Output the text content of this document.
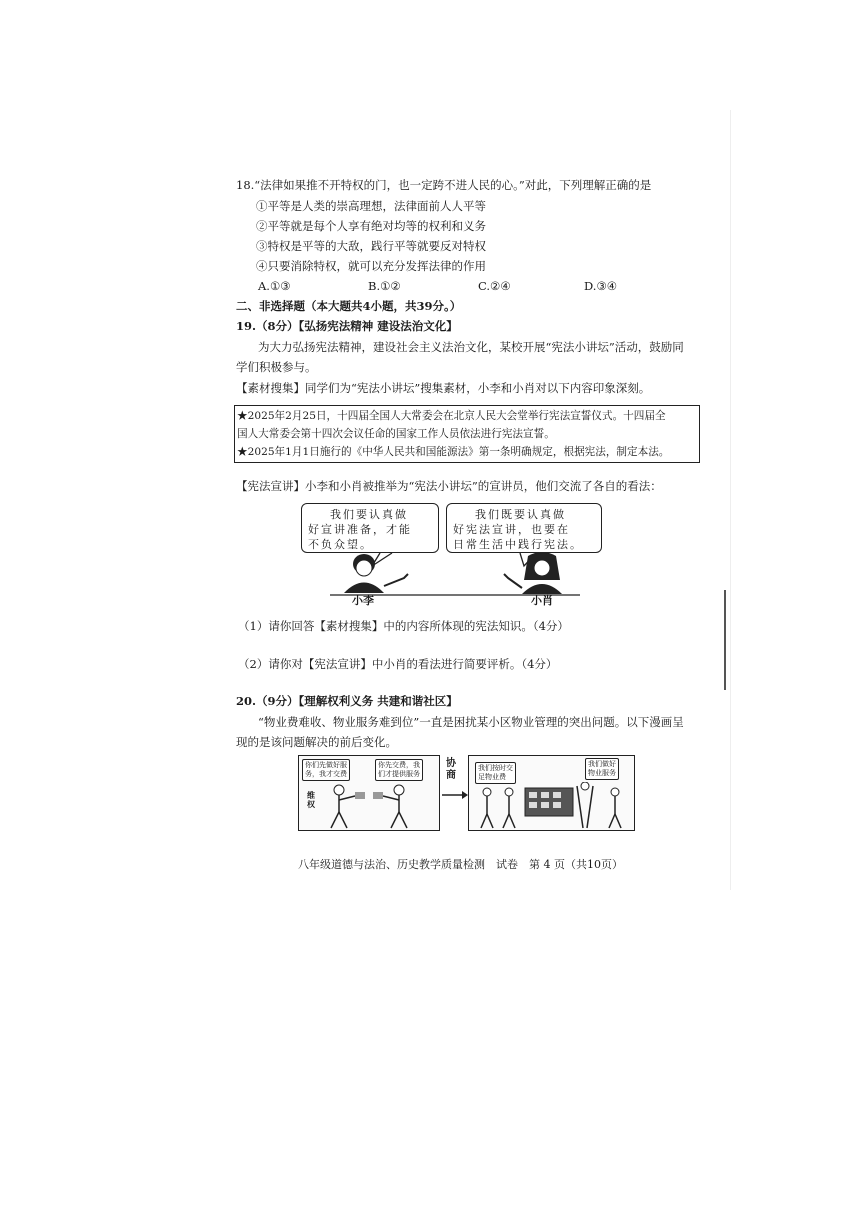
18.“法律如果推不开特权的门，也一定跨不进人民的心。”对此，下列理解正确的是
①平等是人类的崇高理想，法律面前人人平等
②平等就是每个人享有绝对均等的权利和义务
③特权是平等的大敌，践行平等就要反对特权
④只要消除特权，就可以充分发挥法律的作用
A.①③	B.①②	C.②④	D.③④
二、非选择题（本大题共4小题，共39分。）
19.（8分）【弘扬宪法精神 建设法治文化】
为大力弘扬宪法精神，建设社会主义法治文化，某校开展“宪法小讲坛”活动，鼓励同
学们积极参与。
【素材搜集】同学们为“宪法小讲坛”搜集素材，小李和小肖对以下内容印象深刻。
★2025年2月25日，十四届全国人大常委会在北京人民大会堂举行宪法宣誓仪式。十四届全
国人大常委会第十四次会议任命的国家工作人员依法进行宪法宣誓。
★2025年1月1日施行的《中华人民共和国能源法》第一条明确规定，根据宪法，制定本法。
【宪法宣讲】小李和小肖被推举为“宪法小讲坛”的宣讲员，他们交流了各自的看法：
我们要认真做
好宣讲准备，才能
不负众望。
我们既要认真做
好宪法宣讲，也要在
日常生活中践行宪法。
小李	小肖
（1）请你回答【素材搜集】中的内容所体现的宪法知识。（4分）
（2）请你对【宪法宣讲】中小肖的看法进行简要评析。（4分）
20.（9分）【理解权利义务 共建和谐社区】
“物业费难收、物业服务难到位”一直是困扰某小区物业管理的突出问题。以下漫画呈
现的是该问题解决的前后变化。
你们先做好服
务，我才交费
你先交费，我
们才提供服务
维
权
协
商
我们按时交
足物业费
我们做好
物业服务
八年级道德与法治、历史教学质量检测　试卷　第 4 页（共10页）
